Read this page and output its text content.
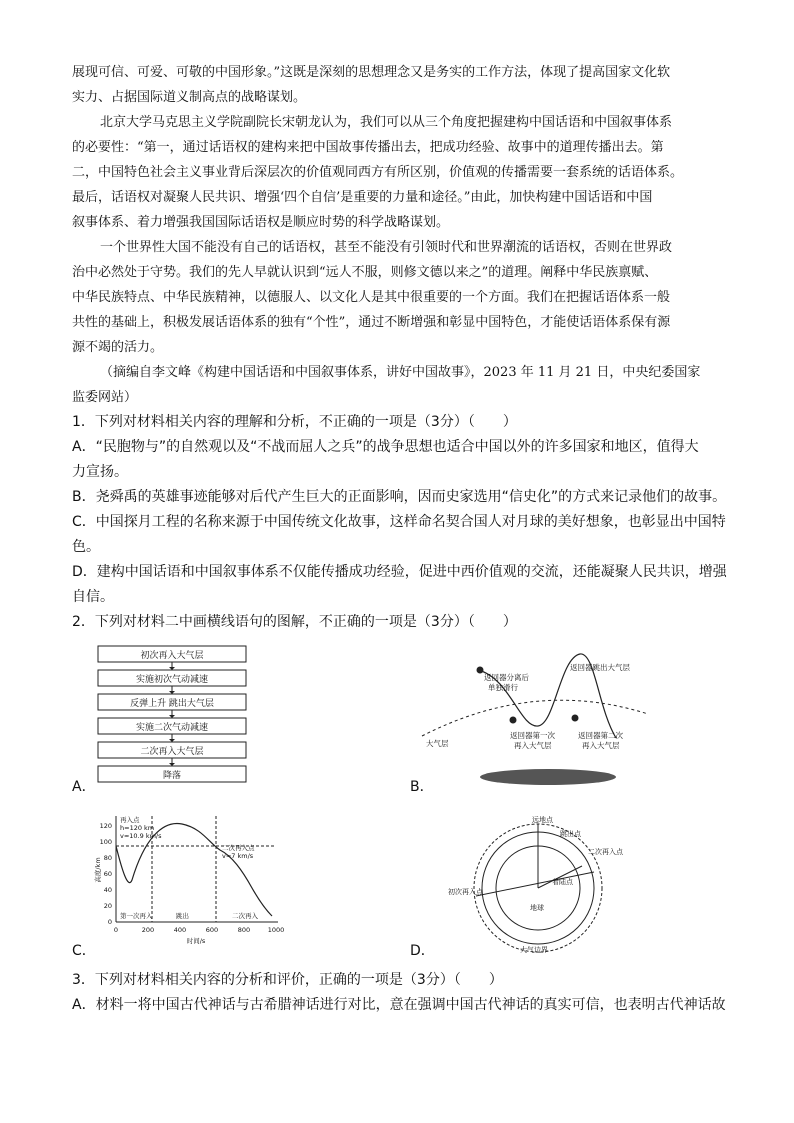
展现可信、可爱、可敬的中国形象。”这既是深刻的思想理念又是务实的工作方法，体现了提高国家文化软
实力、占据国际道义制高点的战略谋划。
北京大学马克思主义学院副院长宋朝龙认为，我们可以从三个角度把握建构中国话语和中国叙事体系
的必要性：“第一，通过话语权的建构来把中国故事传播出去，把成功经验、故事中的道理传播出去。第
二，中国特色社会主义事业背后深层次的价值观同西方有所区别，价值观的传播需要一套系统的话语体系。
最后，话语权对凝聚人民共识、增强‘四个自信’是重要的力量和途径。”由此，加快构建中国话语和中国
叙事体系、着力增强我国国际话语权是顺应时势的科学战略谋划。
一个世界性大国不能没有自己的话语权，甚至不能没有引领时代和世界潮流的话语权，否则在世界政
治中必然处于守势。我们的先人早就认识到“远人不服，则修文德以来之”的道理。阐释中华民族禀赋、
中华民族特点、中华民族精神，以德服人、以文化人是其中很重要的一个方面。我们在把握话语体系一般
共性的基础上，积极发展话语体系的独有“个性”，通过不断增强和彰显中国特色，才能使话语体系保有源
源不竭的活力。
（摘编自李文峰《构建中国话语和中国叙事体系，讲好中国故事》，2023 年 11 月 21 日，中央纪委国家
监委网站）
1．下列对材料相关内容的理解和分析，不正确的一项是（3分）（　　）
A．“民胞物与”的自然观以及“不战而屈人之兵”的战争思想也适合中国以外的许多国家和地区，值得大
力宣扬。
B．尧舜禹的英雄事迹能够对后代产生巨大的正面影响，因而史家选用“信史化”的方式来记录他们的故事。
C．中国探月工程的名称来源于中国传统文化故事，这样命名契合国人对月球的美好想象，也彰显出中国特
色。
D．建构中国话语和中国叙事体系不仅能传播成功经验，促进中西价值观的交流，还能凝聚人民共识，增强
自信。
2．下列对材料二中画横线语句的图解，不正确的一项是（3分）（　　）
初次再入大气层
实施初次气动减速
反弹上升 跳出大气层
实施二次气动减速
二次再入大气层
降落
A．
返回器分离后
单独滑行
返回器跳出大气层
返回器第一次
再入大气层
返回器第二次
再入大气层
大气层
B．
0
20
40
60
80
100
120
0	200	400	600	800	1000
时间/s
高度/km
再入点
h=120 km
v≈10.9 km/s
二次再入点
v≈7 km/s
第一次再入	跳出	二次再入
C．
远地点
跳出点
初次再入点
二次再入点
着陆点
地球
大气边界
D．
3．下列对材料相关内容的分析和评价，正确的一项是（3分）（　　）
A．材料一将中国古代神话与古希腊神话进行对比，意在强调中国古代神话的真实可信，也表明古代神话故
